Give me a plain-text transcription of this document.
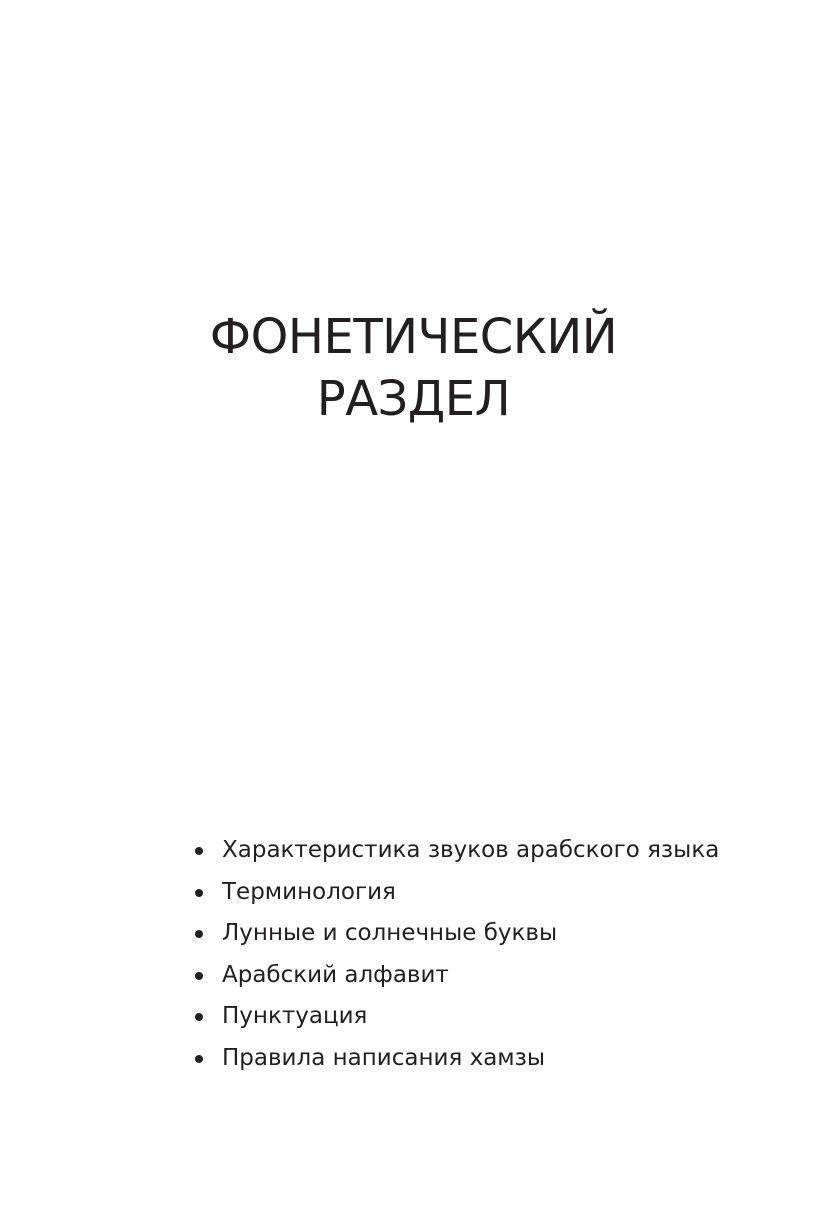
ФОНЕТИЧЕСКИЙ
РАЗДЕЛ
Характеристика звуков арабского языка
Терминология
Лунные и солнечные буквы
Арабский алфавит
Пунктуация
Правила написания хамзы
